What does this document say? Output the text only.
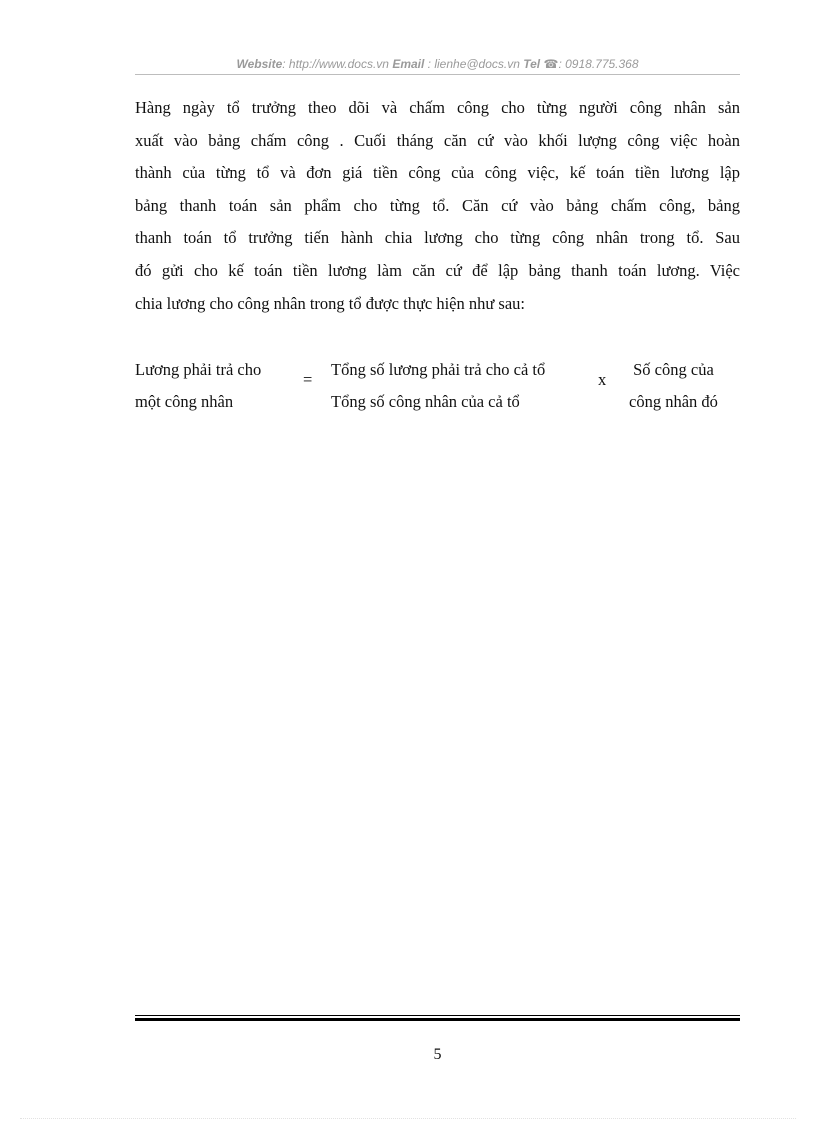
Website: http://www.docs.vn Email : lienhe@docs.vn Tel ☎: 0918.775.368
Hàng ngày tổ trưởng theo dõi và chấm công cho từng người công nhân sản
xuất vào bảng chấm công . Cuối tháng căn cứ vào khối lượng công việc hoàn
thành của từng tổ và đơn giá tiền công của công việc, kế toán tiền lương lập
bảng thanh toán sản phẩm cho từng tổ. Căn cứ vào bảng chấm công, bảng
thanh toán tổ trưởng tiến hành chia lương cho từng công nhân trong tổ. Sau
đó gửi cho kế toán tiền lương làm căn cứ để lập bảng thanh toán lương. Việc
chia lương cho công nhân trong tổ được thực hiện như sau:
Lương phải trả cho
một công nhân
=
Tổng số lương phải trả cho cả tổ
Tổng số công nhân của cả tổ
x
Số công của
công nhân đó
5
